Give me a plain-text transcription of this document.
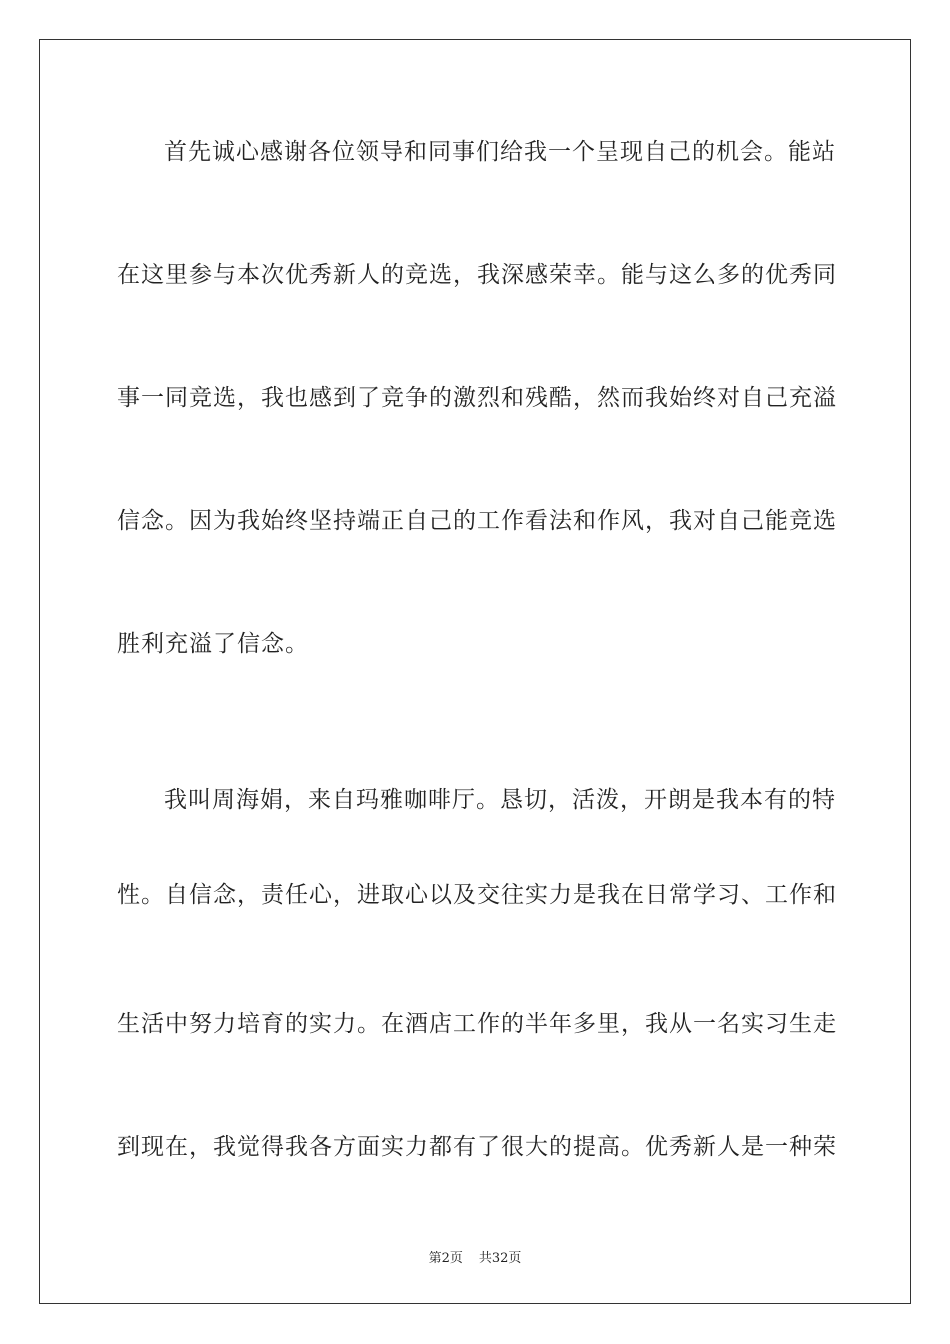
首先诚心感谢各位领导和同事们给我一个呈现自己的机会。能站
在这里参与本次优秀新人的竞选，我深感荣幸。能与这么多的优秀同
事一同竞选，我也感到了竞争的激烈和残酷，然而我始终对自己充溢
信念。因为我始终坚持端正自己的工作看法和作风，我对自己能竞选
胜利充溢了信念。
我叫周海娟，来自玛雅咖啡厅。恳切，活泼，开朗是我本有的特
性。自信念，责任心，进取心以及交往实力是我在日常学习、工作和
生活中努力培育的实力。在酒店工作的半年多里，我从一名实习生走
到现在，我觉得我各方面实力都有了很大的提高。优秀新人是一种荣
第2页 共32页
